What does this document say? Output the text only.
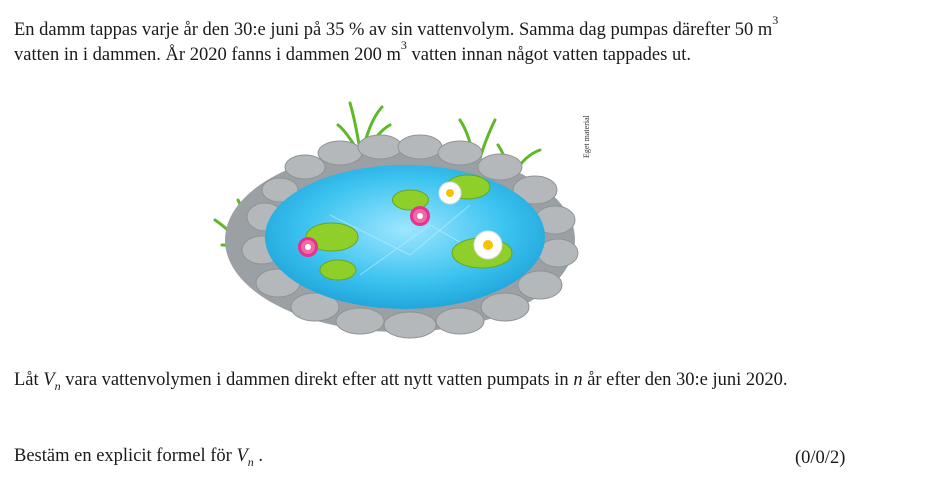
En damm tappas varje år den 30:e juni på 35 % av sin vattenvolym. Samma dag pumpas därefter 50 $m^3$ vatten in i dammen. År 2020 fanns i dammen 200 $m^3$ vatten innan något vatten tappades ut.

Eget material

Låt $V_n$ vara vattenvolymen i dammen direkt efter att nytt vatten pumpats in n år efter den 30:e juni 2020.

Bestäm en explicit formel för $V_n$ .	(0/0/2)
